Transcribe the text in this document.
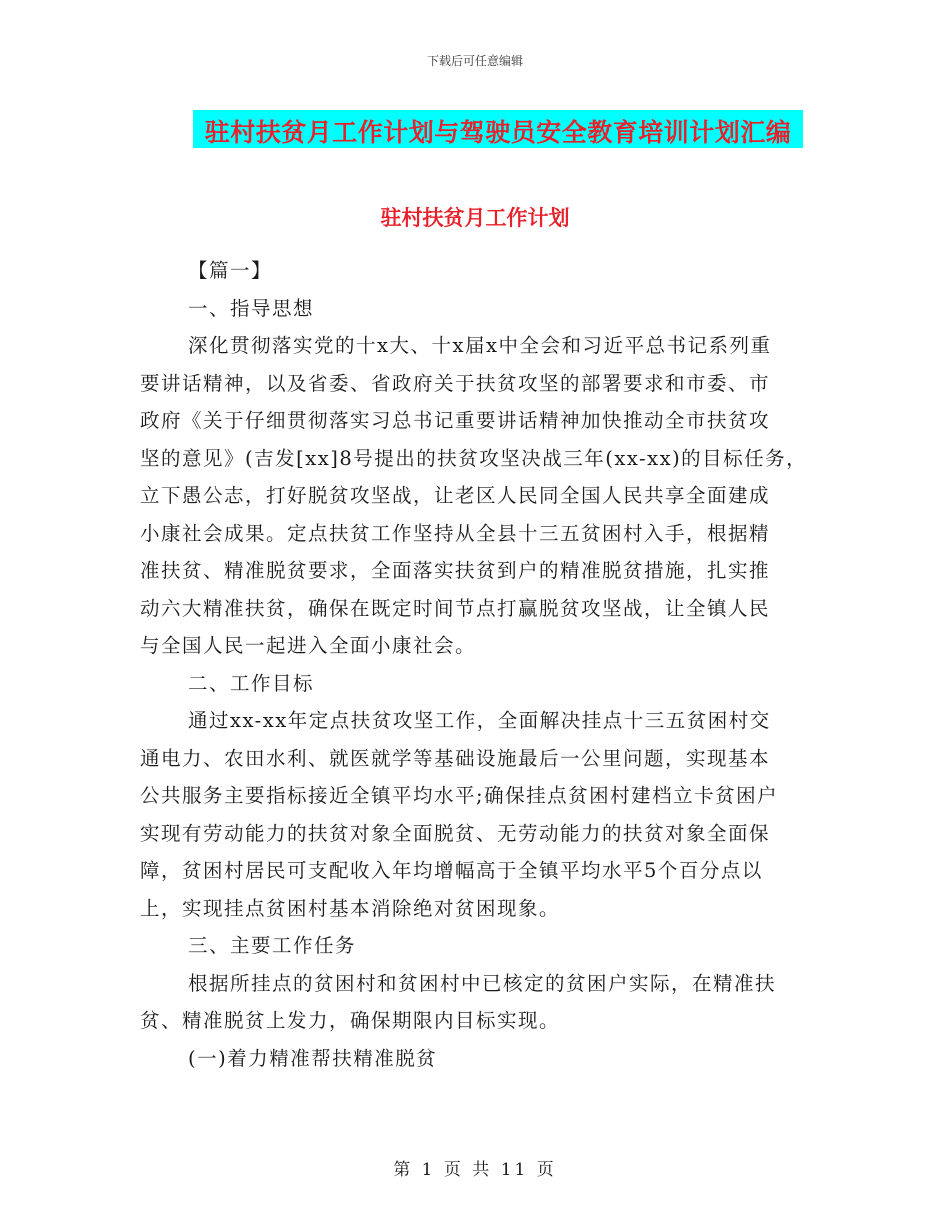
下载后可任意编辑
驻村扶贫月工作计划与驾驶员安全教育培训计划汇编
驻村扶贫月工作计划
【篇一】
一、指导思想
深化贯彻落实党的十x大、十x届x中全会和习近平总书记系列重
要讲话精神，以及省委、省政府关于扶贫攻坚的部署要求和市委、市
政府《关于仔细贯彻落实习总书记重要讲话精神加快推动全市扶贫攻
坚的意见》(吉发[xx]8号提出的扶贫攻坚决战三年(xx-xx)的目标任务，
立下愚公志，打好脱贫攻坚战，让老区人民同全国人民共享全面建成
小康社会成果。定点扶贫工作坚持从全县十三五贫困村入手，根据精
准扶贫、精准脱贫要求，全面落实扶贫到户的精准脱贫措施，扎实推
动六大精准扶贫，确保在既定时间节点打赢脱贫攻坚战，让全镇人民
与全国人民一起进入全面小康社会。
二、工作目标
通过xx-xx年定点扶贫攻坚工作，全面解决挂点十三五贫困村交
通电力、农田水利、就医就学等基础设施最后一公里问题，实现基本
公共服务主要指标接近全镇平均水平;确保挂点贫困村建档立卡贫困户
实现有劳动能力的扶贫对象全面脱贫、无劳动能力的扶贫对象全面保
障，贫困村居民可支配收入年均增幅高于全镇平均水平5个百分点以
上，实现挂点贫困村基本消除绝对贫困现象。
三、主要工作任务
根据所挂点的贫困村和贫困村中已核定的贫困户实际，在精准扶
贫、精准脱贫上发力，确保期限内目标实现。
(一)着力精准帮扶精准脱贫
第 1 页 共 11 页
